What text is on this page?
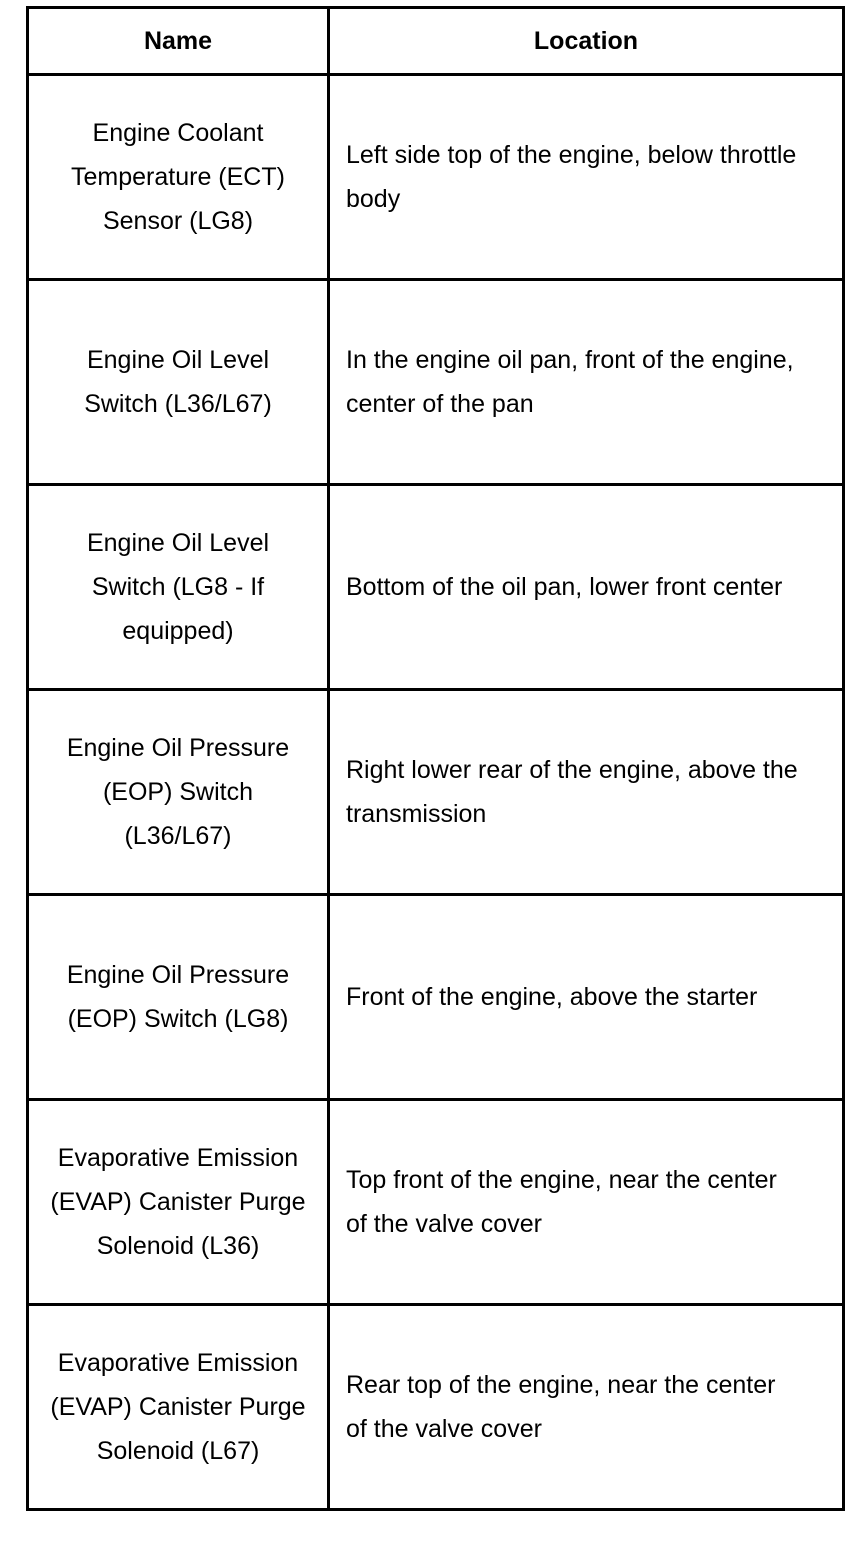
Name	Location
Engine Coolant Temperature (ECT) Sensor (LG8)	Left side top of the engine, below throttle body
Engine Oil Level Switch (L36/L67)	In the engine oil pan, front of the engine, center of the pan
Engine Oil Level Switch (LG8 - If equipped)	Bottom of the oil pan, lower front center
Engine Oil Pressure (EOP) Switch (L36/L67)	Right lower rear of the engine, above the transmission
Engine Oil Pressure (EOP) Switch (LG8)	Front of the engine, above the starter
Evaporative Emission (EVAP) Canister Purge Solenoid (L36)	Top front of the engine, near the center of the valve cover
Evaporative Emission (EVAP) Canister Purge Solenoid (L67)	Rear top of the engine, near the center of the valve cover
